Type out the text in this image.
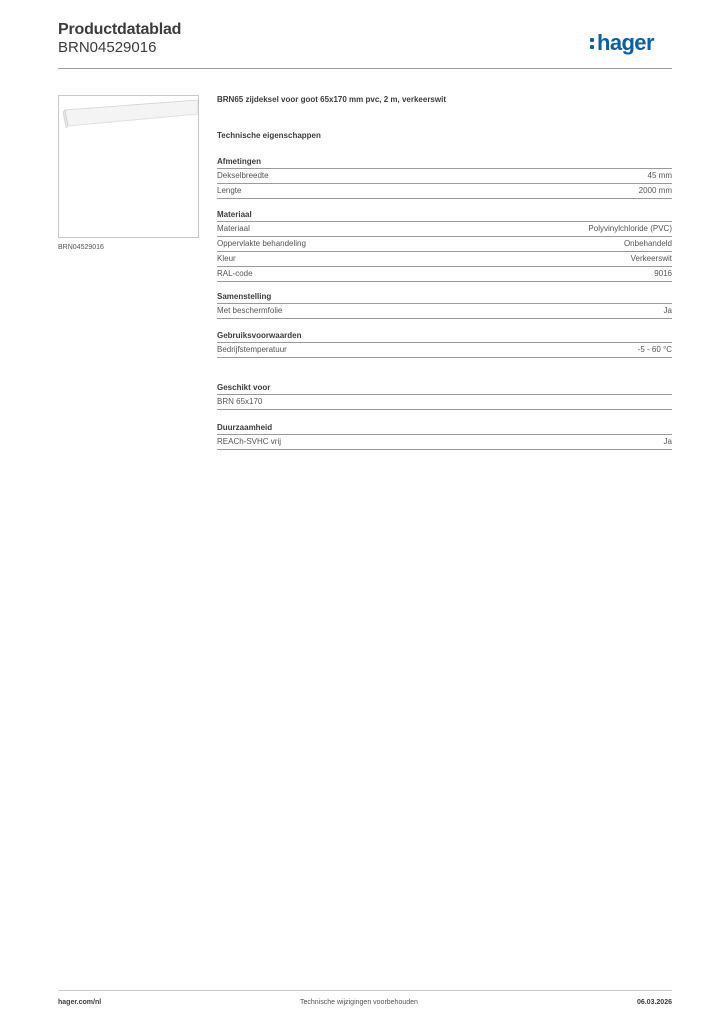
Productdatablad
BRN04529016	hager
BRN04529016
BRN65 zijdeksel voor goot 65x170 mm pvc, 2 m, verkeerswit
Technische eigenschappen
Afmetingen
Dekselbreedte	45 mm
Lengte	2000 mm
Materiaal
Materiaal	Polyvinylchloride (PVC)
Oppervlakte behandeling	Onbehandeld
Kleur	Verkeerswit
RAL-code	9016
Samenstelling
Met beschermfolie	Ja
Gebruiksvoorwaarden
Bedrijfstemperatuur	-5 - 60 °C
Geschikt voor
BRN 65x170
Duurzaamheid
REACh-SVHC vrij	Ja
hager.com/nl	Technische wijzigingen voorbehouden	06.03.2026
